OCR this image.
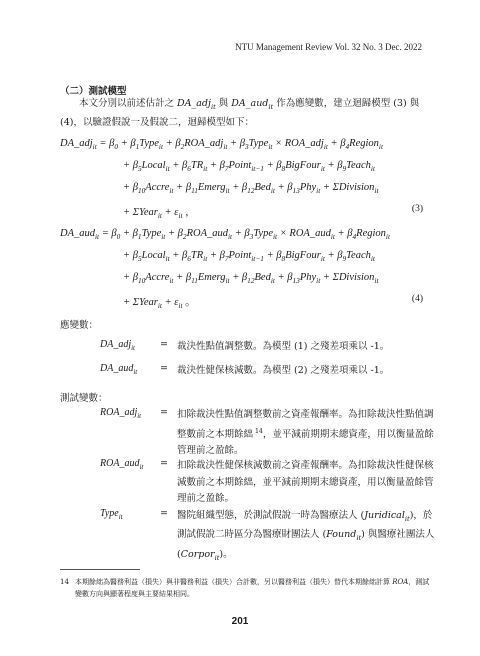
NTU Management Review Vol. 32 No. 3 Dec. 2022
（二）測試模型
本文分別以前述估計之 DA_adj$_{it}$ 與 DA_aud$_{it}$ 作為應變數，建立迴歸模型 (3) 與 (4)，以驗證假說一及假說二，迴歸模型如下：
DA_adj$_{it}$ = $\beta_0$ + $\beta_1Type_{it}$ + $\beta_2ROA\_adj_{it}$ + $\beta_3Type_{it}$ × ROA_adj$_{it}$ + $\beta_4Region_{it}$
+ $\beta_5Local_{it} + \beta_6TR_{it}$ + $\beta_7Point_{it-1}$ + $\beta_8BigFour_{it}$ + $\beta_9Teach_{it}$
+ $\beta_{10}Accre_{it}$ + $\beta_{11}Emerg_{it} + \beta_{12}Bed_{it} + \beta_{13}Phy_{it}$ + ΣDivision$_{it}$
+ ΣYear$_{it}$ + $\varepsilon_{it}$ ，	(3)
DA_aud$_{it}$ = $\beta_0$ + $\beta_1Type_{it}$ + $\beta_2ROA\_aud_{it}$ + $\beta_3Type_{it}$ × ROA_aud$_{it}$ + $\beta_4Region_{it}$
+ $\beta_5Local_{it} + \beta_6TR_{it}$ + $\beta_7Point_{it-1}$ + $\beta_8BigFour_{it}$ + $\beta_9Teach_{it}$
+ $\beta_{10}Accre_{it}$ + $\beta_{11}Emerg_{it} + \beta_{12}Bed_{it} + \beta_{13}Phy_{it}$ + ΣDivision$_{it}$
+ ΣYear$_{it}$ + $\varepsilon_{it}$ 。	(4)
應變數：
DA_adj$_{it}$	= 裁決性點值調整數。為模型 (1) 之殘差項乘以 -1。
DA_aud$_{it}$ = 裁決性健保核減數。為模型 (2) 之殘差項乘以 -1。
測試變數：
ROA_adj$_{it}$ = 扣除裁決性點值調整數前之資產報酬率。為扣除裁決性點值調整數前之本期餘絀 $^{14}$，並平減前期期末總資產，用以衡量盈餘管理前之盈餘。
ROA_aud$_{it}$ = 扣除裁決性健保核減數前之資產報酬率。為扣除裁決性健保核減數前之本期餘絀，並平減前期期末總資產，用以衡量盈餘管理前之盈餘。
Type$_{it}$	= 醫院組織型態，於測試假說一時為醫療法人 (Juridical$_{it}$)，於測試假說二時區分為醫療財團法人 (Found$_{it}$) 與醫療社團法人 (Corpor$_{it}$)。
14 本期餘絀為醫務利益（損失）與非醫務利益（損失）合計數，另以醫務利益（損失）替代本期餘絀計算 ROA，測試變數方向與顯著程度與主要結果相同。
201
